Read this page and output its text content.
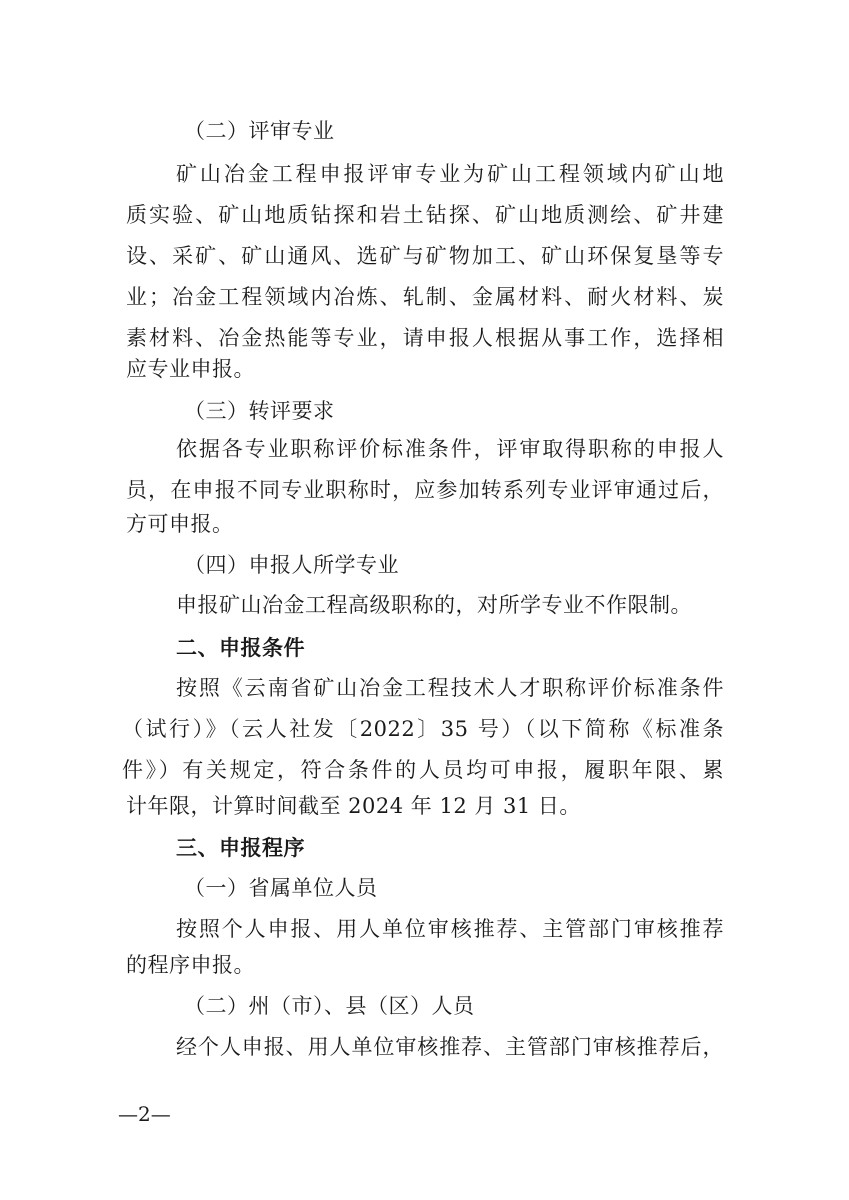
（二）评审专业
矿山冶金工程申报评审专业为矿山工程领域内矿山地
质实验、矿山地质钻探和岩土钻探、矿山地质测绘、矿井建
设、采矿、矿山通风、选矿与矿物加工、矿山环保复垦等专
业；冶金工程领域内冶炼、轧制、金属材料、耐火材料、炭
素材料、冶金热能等专业，请申报人根据从事工作，选择相
应专业申报。
（三）转评要求
依据各专业职称评价标准条件，评审取得职称的申报人
员，在申报不同专业职称时，应参加转系列专业评审通过后，
方可申报。
（四）申报人所学专业
申报矿山冶金工程高级职称的，对所学专业不作限制。
二、申报条件
按照《云南省矿山冶金工程技术人才职称评价标准条件
（试行）》（云人社发〔2022〕35 号）（以下简称《标准条
件》）有关规定，符合条件的人员均可申报，履职年限、累
计年限，计算时间截至 2024 年 12 月 31 日。
三、申报程序
（一）省属单位人员
按照个人申报、用人单位审核推荐、主管部门审核推荐
的程序申报。
（二）州（市）、县（区）人员
经个人申报、用人单位审核推荐、主管部门审核推荐后，
—2—
